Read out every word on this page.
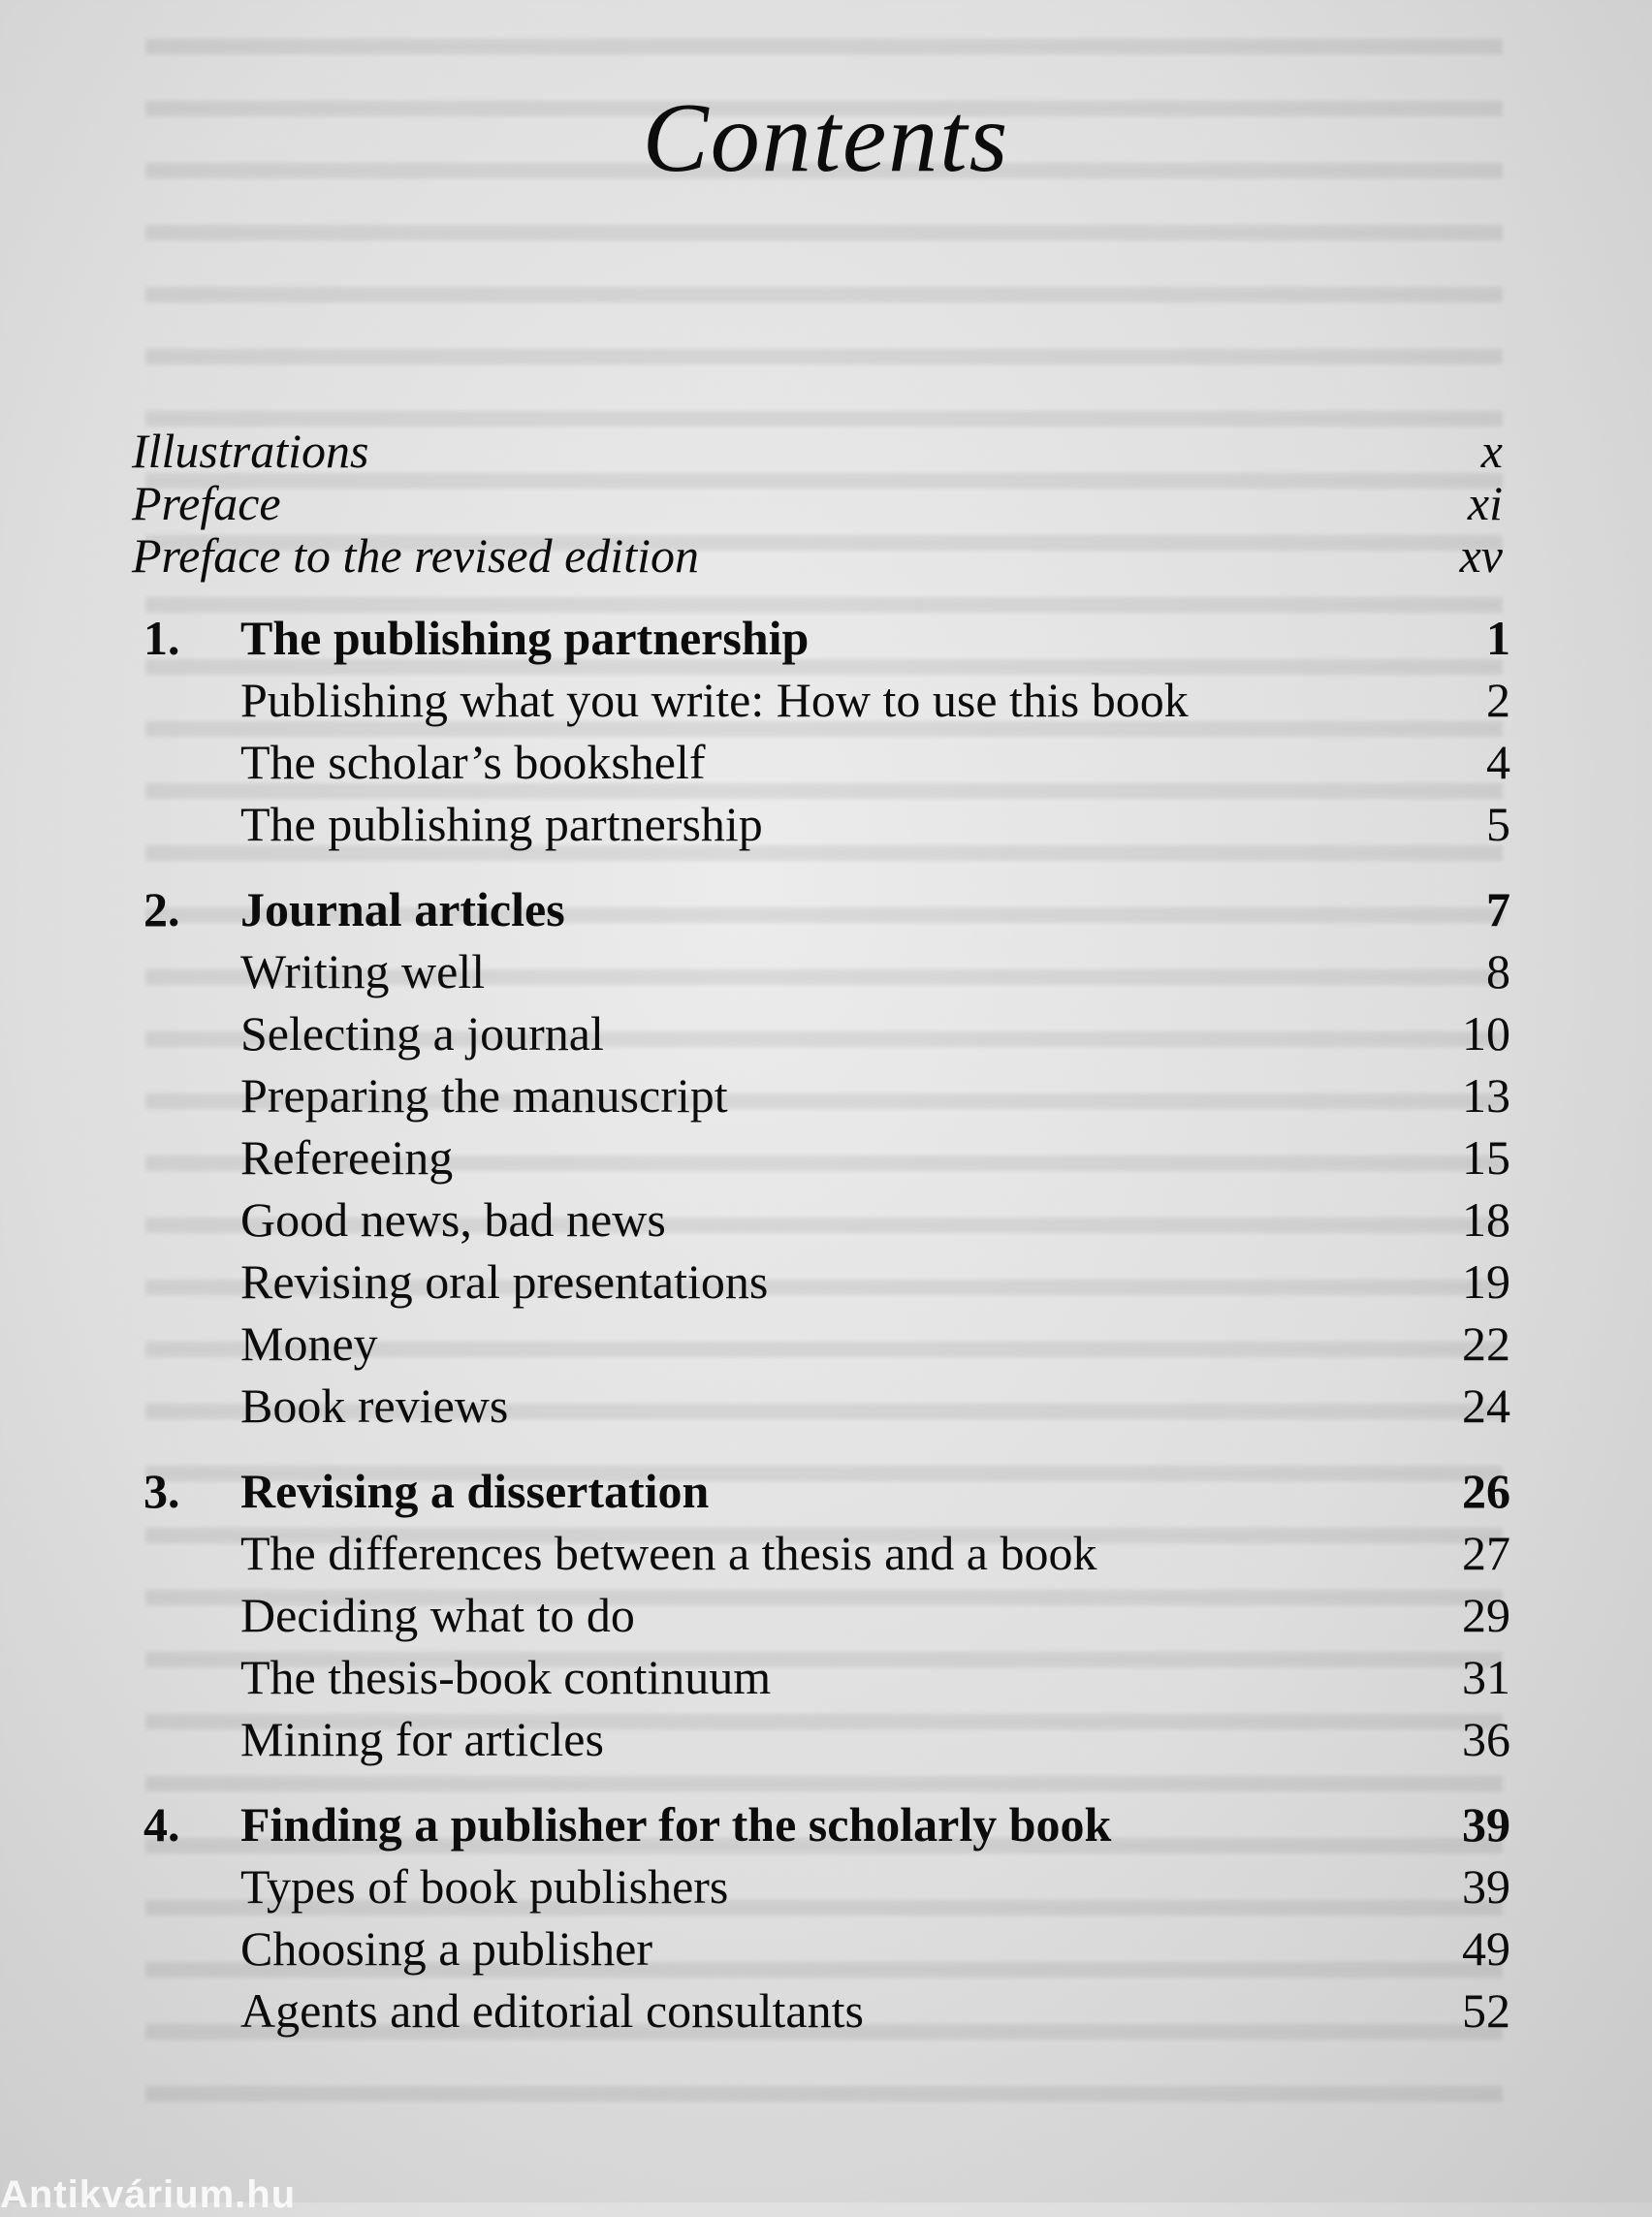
Contents
Illustrations	x
Preface	xi
Preface to the revised edition	xv
1.	The publishing partnership	1
Publishing what you write: How to use this book	2
The scholar’s bookshelf	4
The publishing partnership	5
2.	Journal articles	7
Writing well	8
Selecting a journal	10
Preparing the manuscript	13
Refereeing	15
Good news, bad news	18
Revising oral presentations	19
Money	22
Book reviews	24
3.	Revising a dissertation	26
The differences between a thesis and a book	27
Deciding what to do	29
The thesis-book continuum	31
Mining for articles	36
4.	Finding a publisher for the scholarly book	39
Types of book publishers	39
Choosing a publisher	49
Agents and editorial consultants	52
Antikvárium.hu
